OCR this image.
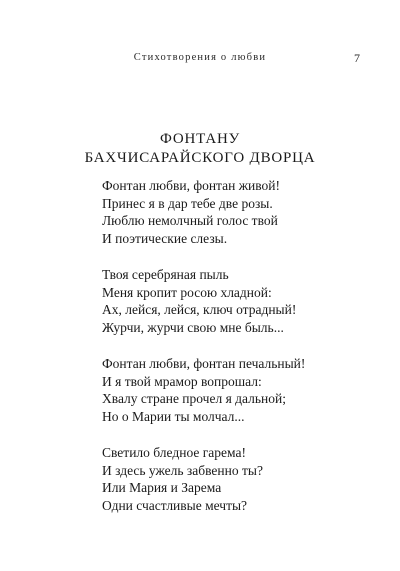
Стихотворения о любви	7
ФОНТАНУ
БАХЧИСАРАЙСКОГО ДВОРЦА
Фонтан любви, фонтан живой!
Принес я в дар тебе две розы.
Люблю немолчный голос твой
И поэтические слезы.
Твоя серебряная пыль
Меня кропит росою хладной:
Ах, лейся, лейся, ключ отрадный!
Журчи, журчи свою мне быль...
Фонтан любви, фонтан печальный!
И я твой мрамор вопрошал:
Хвалу стране прочел я дальной;
Но о Марии ты молчал...
Светило бледное гарема!
И здесь ужель забвенно ты?
Или Мария и Зарема
Одни счастливые мечты?
